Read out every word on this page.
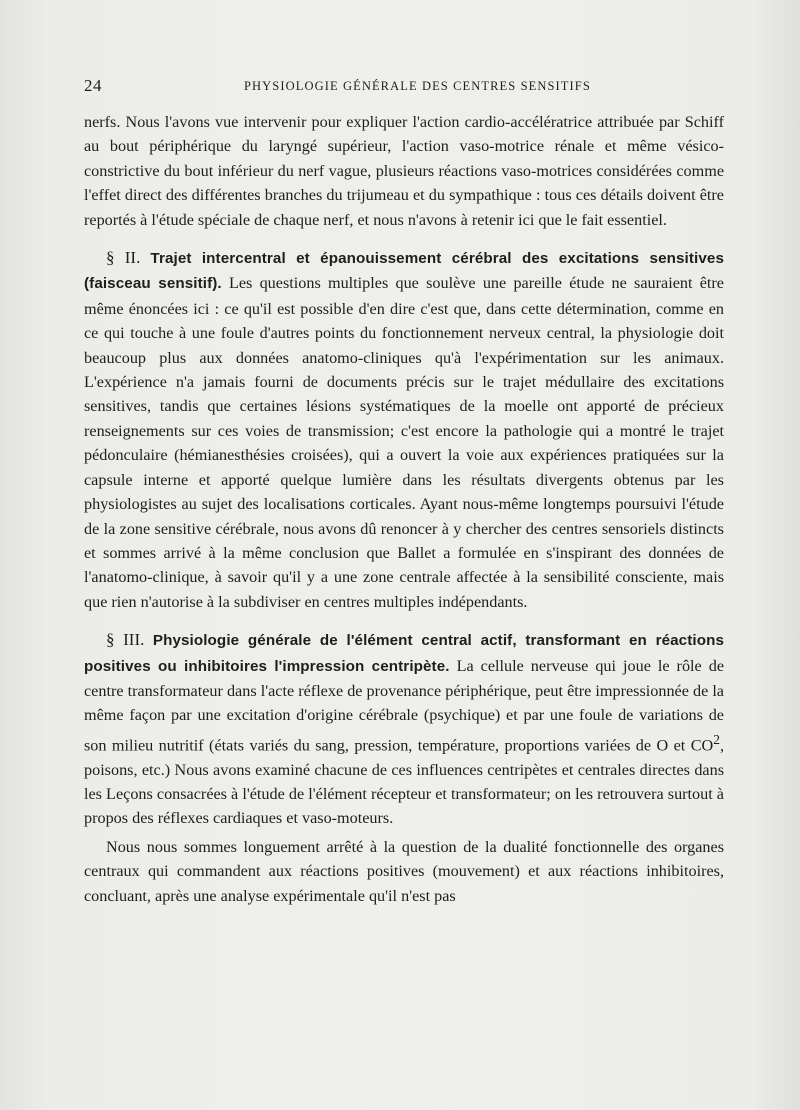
24	PHYSIOLOGIE GÉNÉRALE DES CENTRES SENSITIFS

nerfs. Nous l'avons vue intervenir pour expliquer l'action cardio-accélératrice attribuée par Schiff au bout périphérique du laryngé supérieur, l'action vaso-motrice rénale et même vésico-constrictive du bout inférieur du nerf vague, plusieurs réactions vaso-motrices considérées comme l'effet direct des différentes branches du trijumeau et du sympathique : tous ces détails doivent être reportés à l'étude spéciale de chaque nerf, et nous n'avons à retenir ici que le fait essentiel.

§ II. Trajet intercentral et épanouissement cérébral des excitations sensitives (faisceau sensitif). Les questions multiples que soulève une pareille étude ne sauraient être même énoncées ici : ce qu'il est possible d'en dire c'est que, dans cette détermination, comme en ce qui touche à une foule d'autres points du fonctionnement nerveux central, la physiologie doit beaucoup plus aux données anatomo-cliniques qu'à l'expérimentation sur les animaux. L'expérience n'a jamais fourni de documents précis sur le trajet médullaire des excitations sensitives, tandis que certaines lésions systématiques de la moelle ont apporté de précieux renseignements sur ces voies de transmission; c'est encore la pathologie qui a montré le trajet pédonculaire (hémianesthésies croisées), qui a ouvert la voie aux expériences pratiquées sur la capsule interne et apporté quelque lumière dans les résultats divergents obtenus par les physiologistes au sujet des localisations corticales. Ayant nous-même longtemps poursuivi l'étude de la zone sensitive cérébrale, nous avons dû renoncer à y chercher des centres sensoriels distincts et sommes arrivé à la même conclusion que Ballet a formulée en s'inspirant des données de l'anatomo-clinique, à savoir qu'il y a une zone centrale affectée à la sensibilité consciente, mais que rien n'autorise à la subdiviser en centres multiples indépendants.

§ III. Physiologie générale de l'élément central actif, transformant en réactions positives ou inhibitoires l'impression centripète. La cellule nerveuse qui joue le rôle de centre transformateur dans l'acte réflexe de provenance périphérique, peut être impressionnée de la même façon par une excitation d'origine cérébrale (psychique) et par une foule de variations de son milieu nutritif (états variés du sang, pression, température, proportions variées de O et $CO^2$, poisons, etc.) Nous avons examiné chacune de ces influences centripètes et centrales directes dans les Leçons consacrées à l'étude de l'élément récepteur et transformateur; on les retrouvera surtout à propos des réflexes cardiaques et vaso-moteurs.

Nous nous sommes longuement arrêté à la question de la dualité fonctionnelle des organes centraux qui commandent aux réactions positives (mouvement) et aux réactions inhibitoires, concluant, après une analyse expérimentale qu'il n'est pas
